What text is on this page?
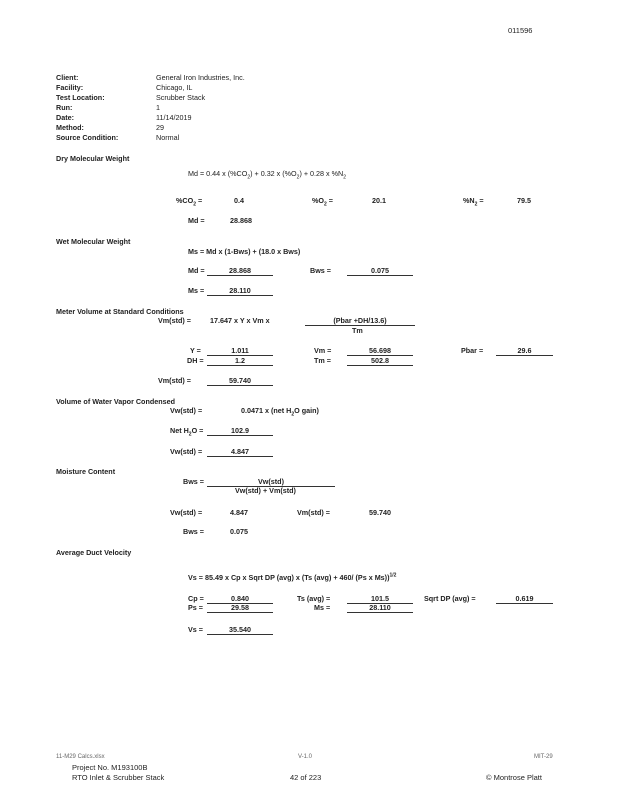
011596
Client:	General Iron Industries, Inc.
Facility:	Chicago, IL
Test Location:	Scrubber Stack
Run:	1
Date:	11/14/2019
Method:	29
Source Condition:	Normal
Dry Molecular Weight
Md = 0.44 x $(\%CO_2) + 0.32$ x $(\%O_2) + 0.28$ x $\%N_2$
$\%CO_2$ =	0.4	$\%O_2$ =	20.1	$\%N_2$ =	79.5
Md =	28.868
Wet Molecular Weight
Ms = Md x (1-Bws) + (18.0 x Bws)
Md =	28.868	Bws =	0.075
Ms =	28.110
Meter Volume at Standard Conditions
Vm(std) =	17.647 x Y x Vm x	(Pbar +DH/13.6)
Tm
Y =	1.011	Vm =	56.698	Pbar =	29.6
DH =	1.2	Tm =	502.8
Vm(std) =	59.740
Volume of Water Vapor Condensed
Vw(std) =	0.0471 x (net $H_2O$ gain)
Net $H_2O$ =	102.9
Vw(std) =	4.847
Moisture Content
Bws =	Vw(std)
Vw(std) + Vm(std)
Vw(std) =	4.847	Vm(std) =	59.740
Bws =	0.075
Average Duct Velocity
Vs = 85.49 x Cp x Sqrt DP (avg) x (Ts (avg) + 460/ (Ps x Ms))$^{1/2}$
Cp =	0.840	Ts (avg) =	101.5	Sqrt DP (avg) =	0.619
Ps =	29.58	Ms =	28.110
Vs =	35.540
11-M29 Calcs.xlsx	V-1.0	MIT-29
Project No. M193100B
RTO Inlet & Scrubber Stack	42 of 223	© Montrose Platt
